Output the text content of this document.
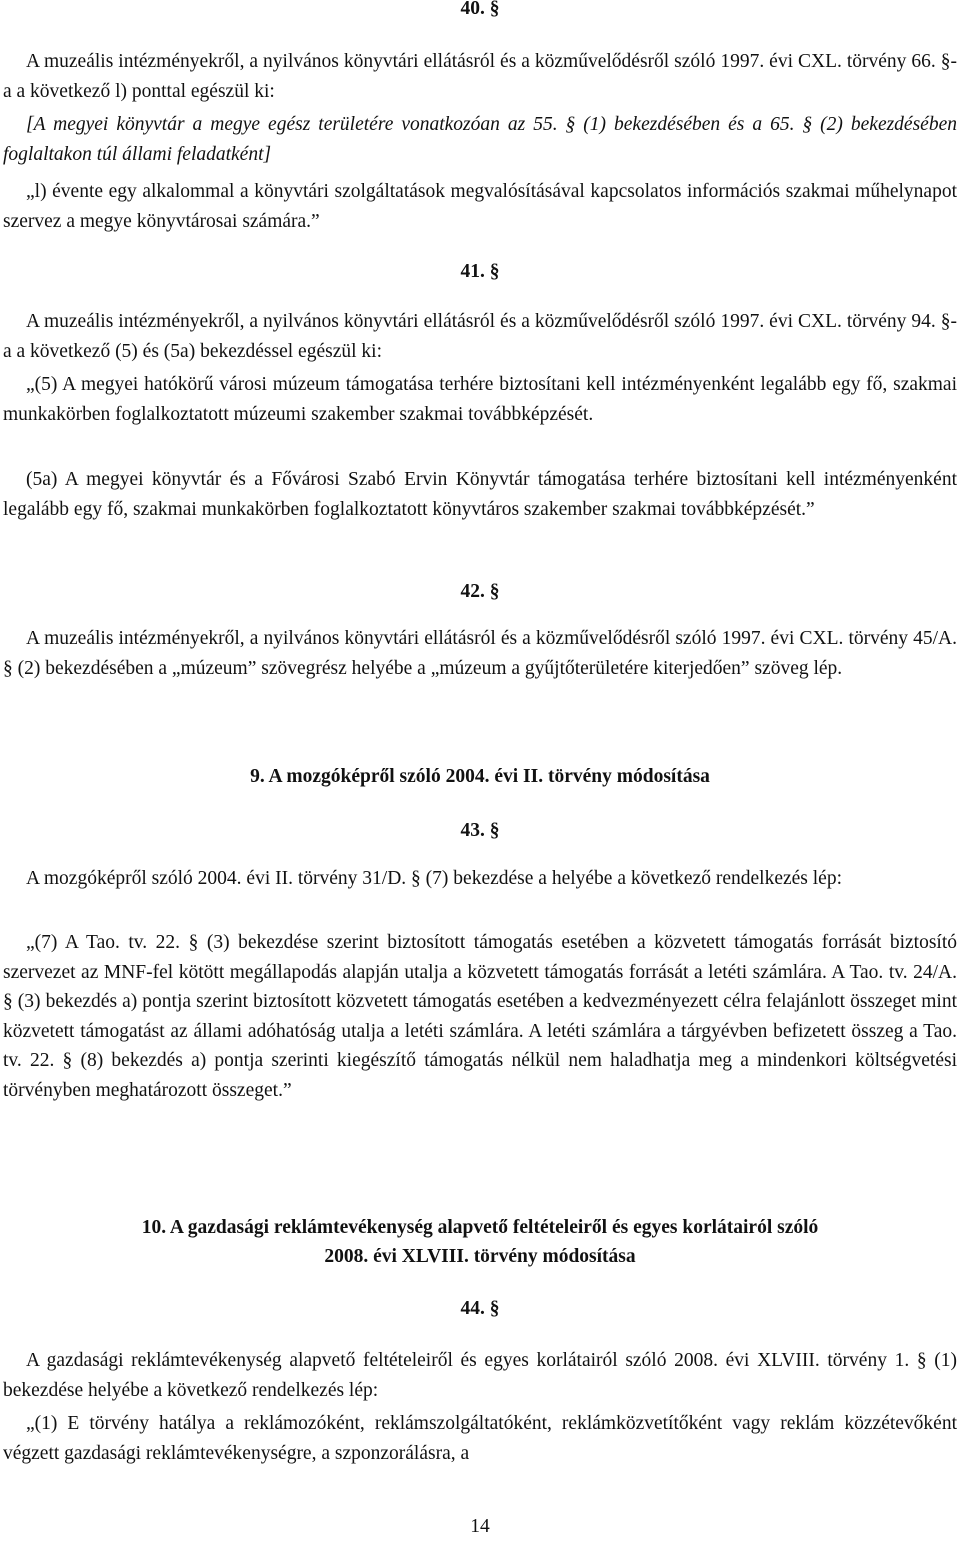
40. §

A muzeális intézményekről, a nyilvános könyvtári ellátásról és a közművelődésről szóló 1997. évi CXL. törvény 66. §-a a következő l) ponttal egészül ki:

[A megyei könyvtár a megye egész területére vonatkozóan az 55. § (1) bekezdésében és a 65. § (2) bekezdésében foglaltakon túl állami feladatként]

„l) évente egy alkalommal a könyvtári szolgáltatások megvalósításával kapcsolatos információs szakmai műhelynapot szervez a megye könyvtárosai számára.”

41. §

A muzeális intézményekről, a nyilvános könyvtári ellátásról és a közművelődésről szóló 1997. évi CXL. törvény 94. §-a a következő (5) és (5a) bekezdéssel egészül ki:

„(5) A megyei hatókörű városi múzeum támogatása terhére biztosítani kell intézményenként legalább egy fő, szakmai munkakörben foglalkoztatott múzeumi szakember szakmai továbbképzését.

(5a) A megyei könyvtár és a Fővárosi Szabó Ervin Könyvtár támogatása terhére biztosítani kell intézményenként legalább egy fő, szakmai munkakörben foglalkoztatott könyvtáros szakember szakmai továbbképzését.”

42. §

A muzeális intézményekről, a nyilvános könyvtári ellátásról és a közművelődésről szóló 1997. évi CXL. törvény 45/A. § (2) bekezdésében a „múzeum” szövegrész helyébe a „múzeum a gyűjtőterületére kiterjedően” szöveg lép.

9. A mozgóképről szóló 2004. évi II. törvény módosítása
43. §

A mozgóképről szóló 2004. évi II. törvény 31/D. § (7) bekezdése a helyébe a következő rendelkezés lép:

„(7) A Tao. tv. 22. § (3) bekezdése szerint biztosított támogatás esetében a közvetett támogatás forrását biztosító szervezet az MNF-fel kötött megállapodás alapján utalja a közvetett támogatás forrását a letéti számlára. A Tao. tv. 24/A. § (3) bekezdés a) pontja szerint biztosított közvetett támogatás esetében a kedvezményezett célra felajánlott összeget mint közvetett támogatást az állami adóhatóság utalja a letéti számlára. A letéti számlára a tárgyévben befizetett összeg a Tao. tv. 22. § (8) bekezdés a) pontja szerinti kiegészítő támogatás nélkül nem haladhatja meg a mindenkori költségvetési törvényben meghatározott összeget.”

10. A gazdasági reklámtevékenység alapvető feltételeiről és egyes korlátairól szóló
2008. évi XLVIII. törvény módosítása
44. §

A gazdasági reklámtevékenység alapvető feltételeiről és egyes korlátairól szóló 2008. évi XLVIII. törvény 1. § (1) bekezdése helyébe a következő rendelkezés lép:

„(1) E törvény hatálya a reklámozóként, reklámszolgáltatóként, reklámközvetítőként vagy reklám közzétevőként végzett gazdasági reklámtevékenységre, a szponzorálásra, a

14
